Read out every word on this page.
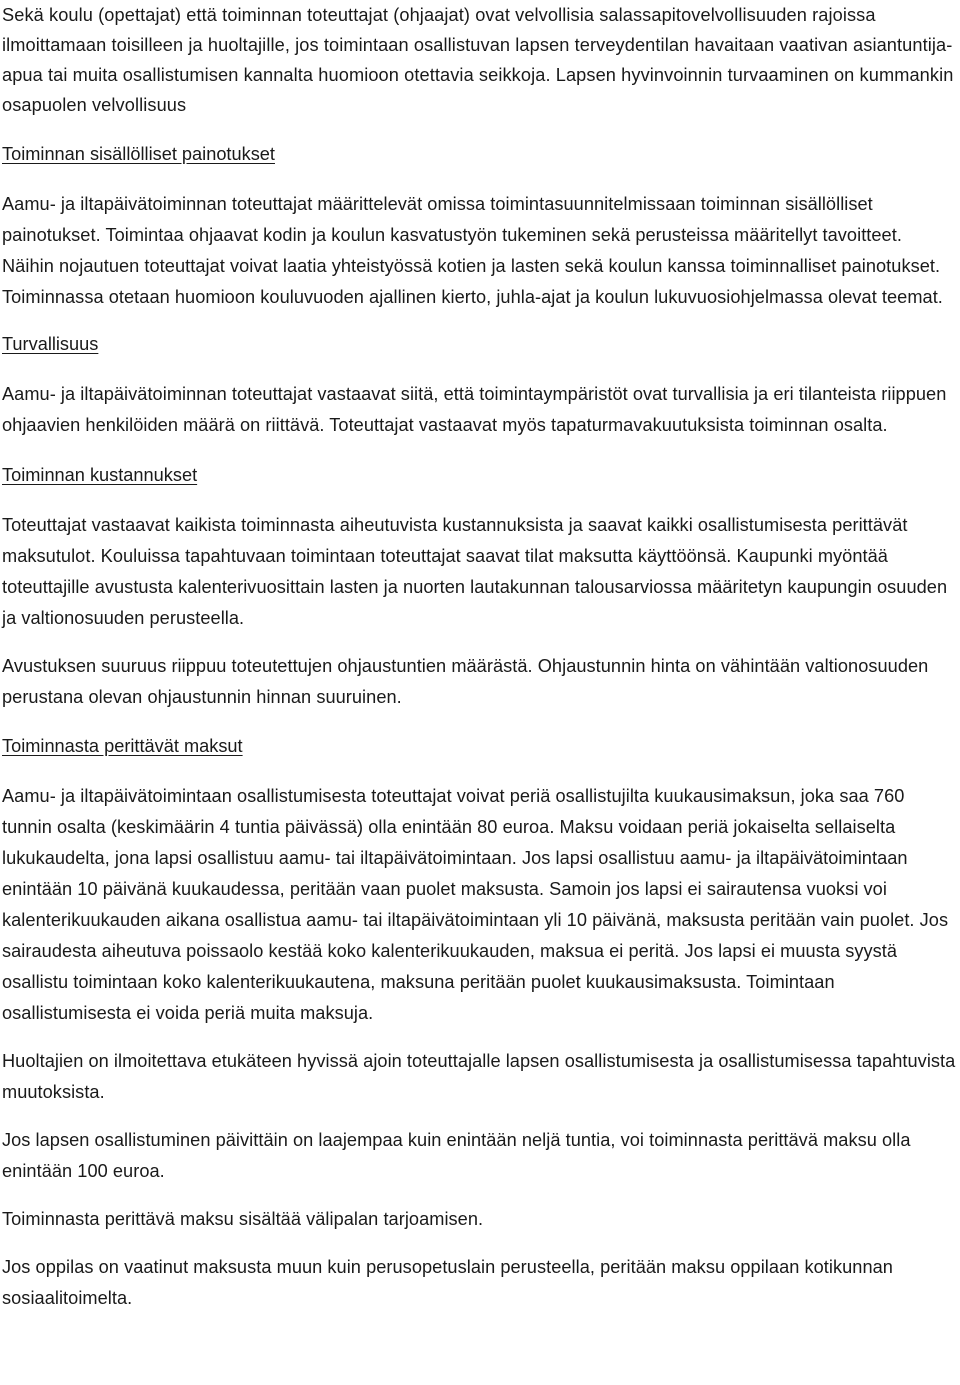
Sekä koulu (opettajat) että toiminnan toteuttajat (ohjaajat) ovat velvollisia salassapitovelvollisuuden rajoissa ilmoittamaan toisilleen ja huoltajille, jos toimintaan osallistuvan lapsen terveydentilan havaitaan vaativan asiantuntija-apua tai muita osallistumisen kannalta huomioon otettavia seikkoja. Lapsen hyvinvoinnin turvaaminen on kummankin osapuolen velvollisuus

Toiminnan sisällölliset painotukset

Aamu- ja iltapäivätoiminnan toteuttajat määrittelevät omissa toimintasuunnitelmissaan toiminnan sisällölliset painotukset. Toimintaa ohjaavat kodin ja koulun kasvatustyön tukeminen sekä perusteissa määritellyt tavoitteet. Näihin nojautuen toteuttajat voivat laatia yhteistyössä kotien ja lasten sekä koulun kanssa toiminnalliset painotukset. Toiminnassa otetaan huomioon kouluvuoden ajallinen kierto, juhla-ajat ja koulun lukuvuosiohjelmassa olevat teemat.

Turvallisuus

Aamu- ja iltapäivätoiminnan toteuttajat vastaavat siitä, että toimintaympäristöt ovat turvallisia ja eri tilanteista riippuen ohjaavien henkilöiden määrä on riittävä. Toteuttajat vastaavat myös tapaturmavakuutuksista toiminnan osalta.

Toiminnan kustannukset

Toteuttajat vastaavat kaikista toiminnasta aiheutuvista kustannuksista ja saavat kaikki osallistumisesta perittävät maksutulot. Kouluissa tapahtuvaan toimintaan toteuttajat saavat tilat maksutta käyttöönsä. Kaupunki myöntää toteuttajille avustusta kalenterivuosittain lasten ja nuorten lautakunnan talousarviossa määritetyn kaupungin osuuden ja valtionosuuden perusteella.

Avustuksen suuruus riippuu toteutettujen ohjaustuntien määrästä. Ohjaustunnin hinta on vähintään valtionosuuden perustana olevan ohjaustunnin hinnan suuruinen.

Toiminnasta perittävät maksut

Aamu- ja iltapäivätoimintaan osallistumisesta toteuttajat voivat periä osallistujilta kuukausimaksun, joka saa 760 tunnin osalta (keskimäärin 4 tuntia päivässä) olla enintään 80 euroa. Maksu voidaan periä jokaiselta sellaiselta lukukaudelta, jona lapsi osallistuu aamu- tai iltapäivätoimintaan. Jos lapsi osallistuu aamu- ja iltapäivätoimintaan enintään 10 päivänä kuukaudessa, peritään vaan puolet maksusta. Samoin jos lapsi ei sairautensa vuoksi voi kalenterikuukauden aikana osallistua aamu- tai iltapäivätoimintaan yli 10 päivänä, maksusta peritään vain puolet. Jos sairaudesta aiheutuva poissaolo kestää koko kalenterikuukauden, maksua ei peritä. Jos lapsi ei muusta syystä osallistu toimintaan koko kalenterikuukautena, maksuna peritään puolet kuukausimaksusta. Toimintaan osallistumisesta ei voida periä muita maksuja.

Huoltajien on ilmoitettava etukäteen hyvissä ajoin toteuttajalle lapsen osallistumisesta ja osallistumisessa tapahtuvista muutoksista.

Jos lapsen osallistuminen päivittäin on laajempaa kuin enintään neljä tuntia, voi toiminnasta perittävä maksu olla enintään 100 euroa.

Toiminnasta perittävä maksu sisältää välipalan tarjoamisen.

Jos oppilas on vaatinut maksusta muun kuin perusopetuslain perusteella, peritään maksu oppilaan kotikunnan sosiaalitoimelta.
